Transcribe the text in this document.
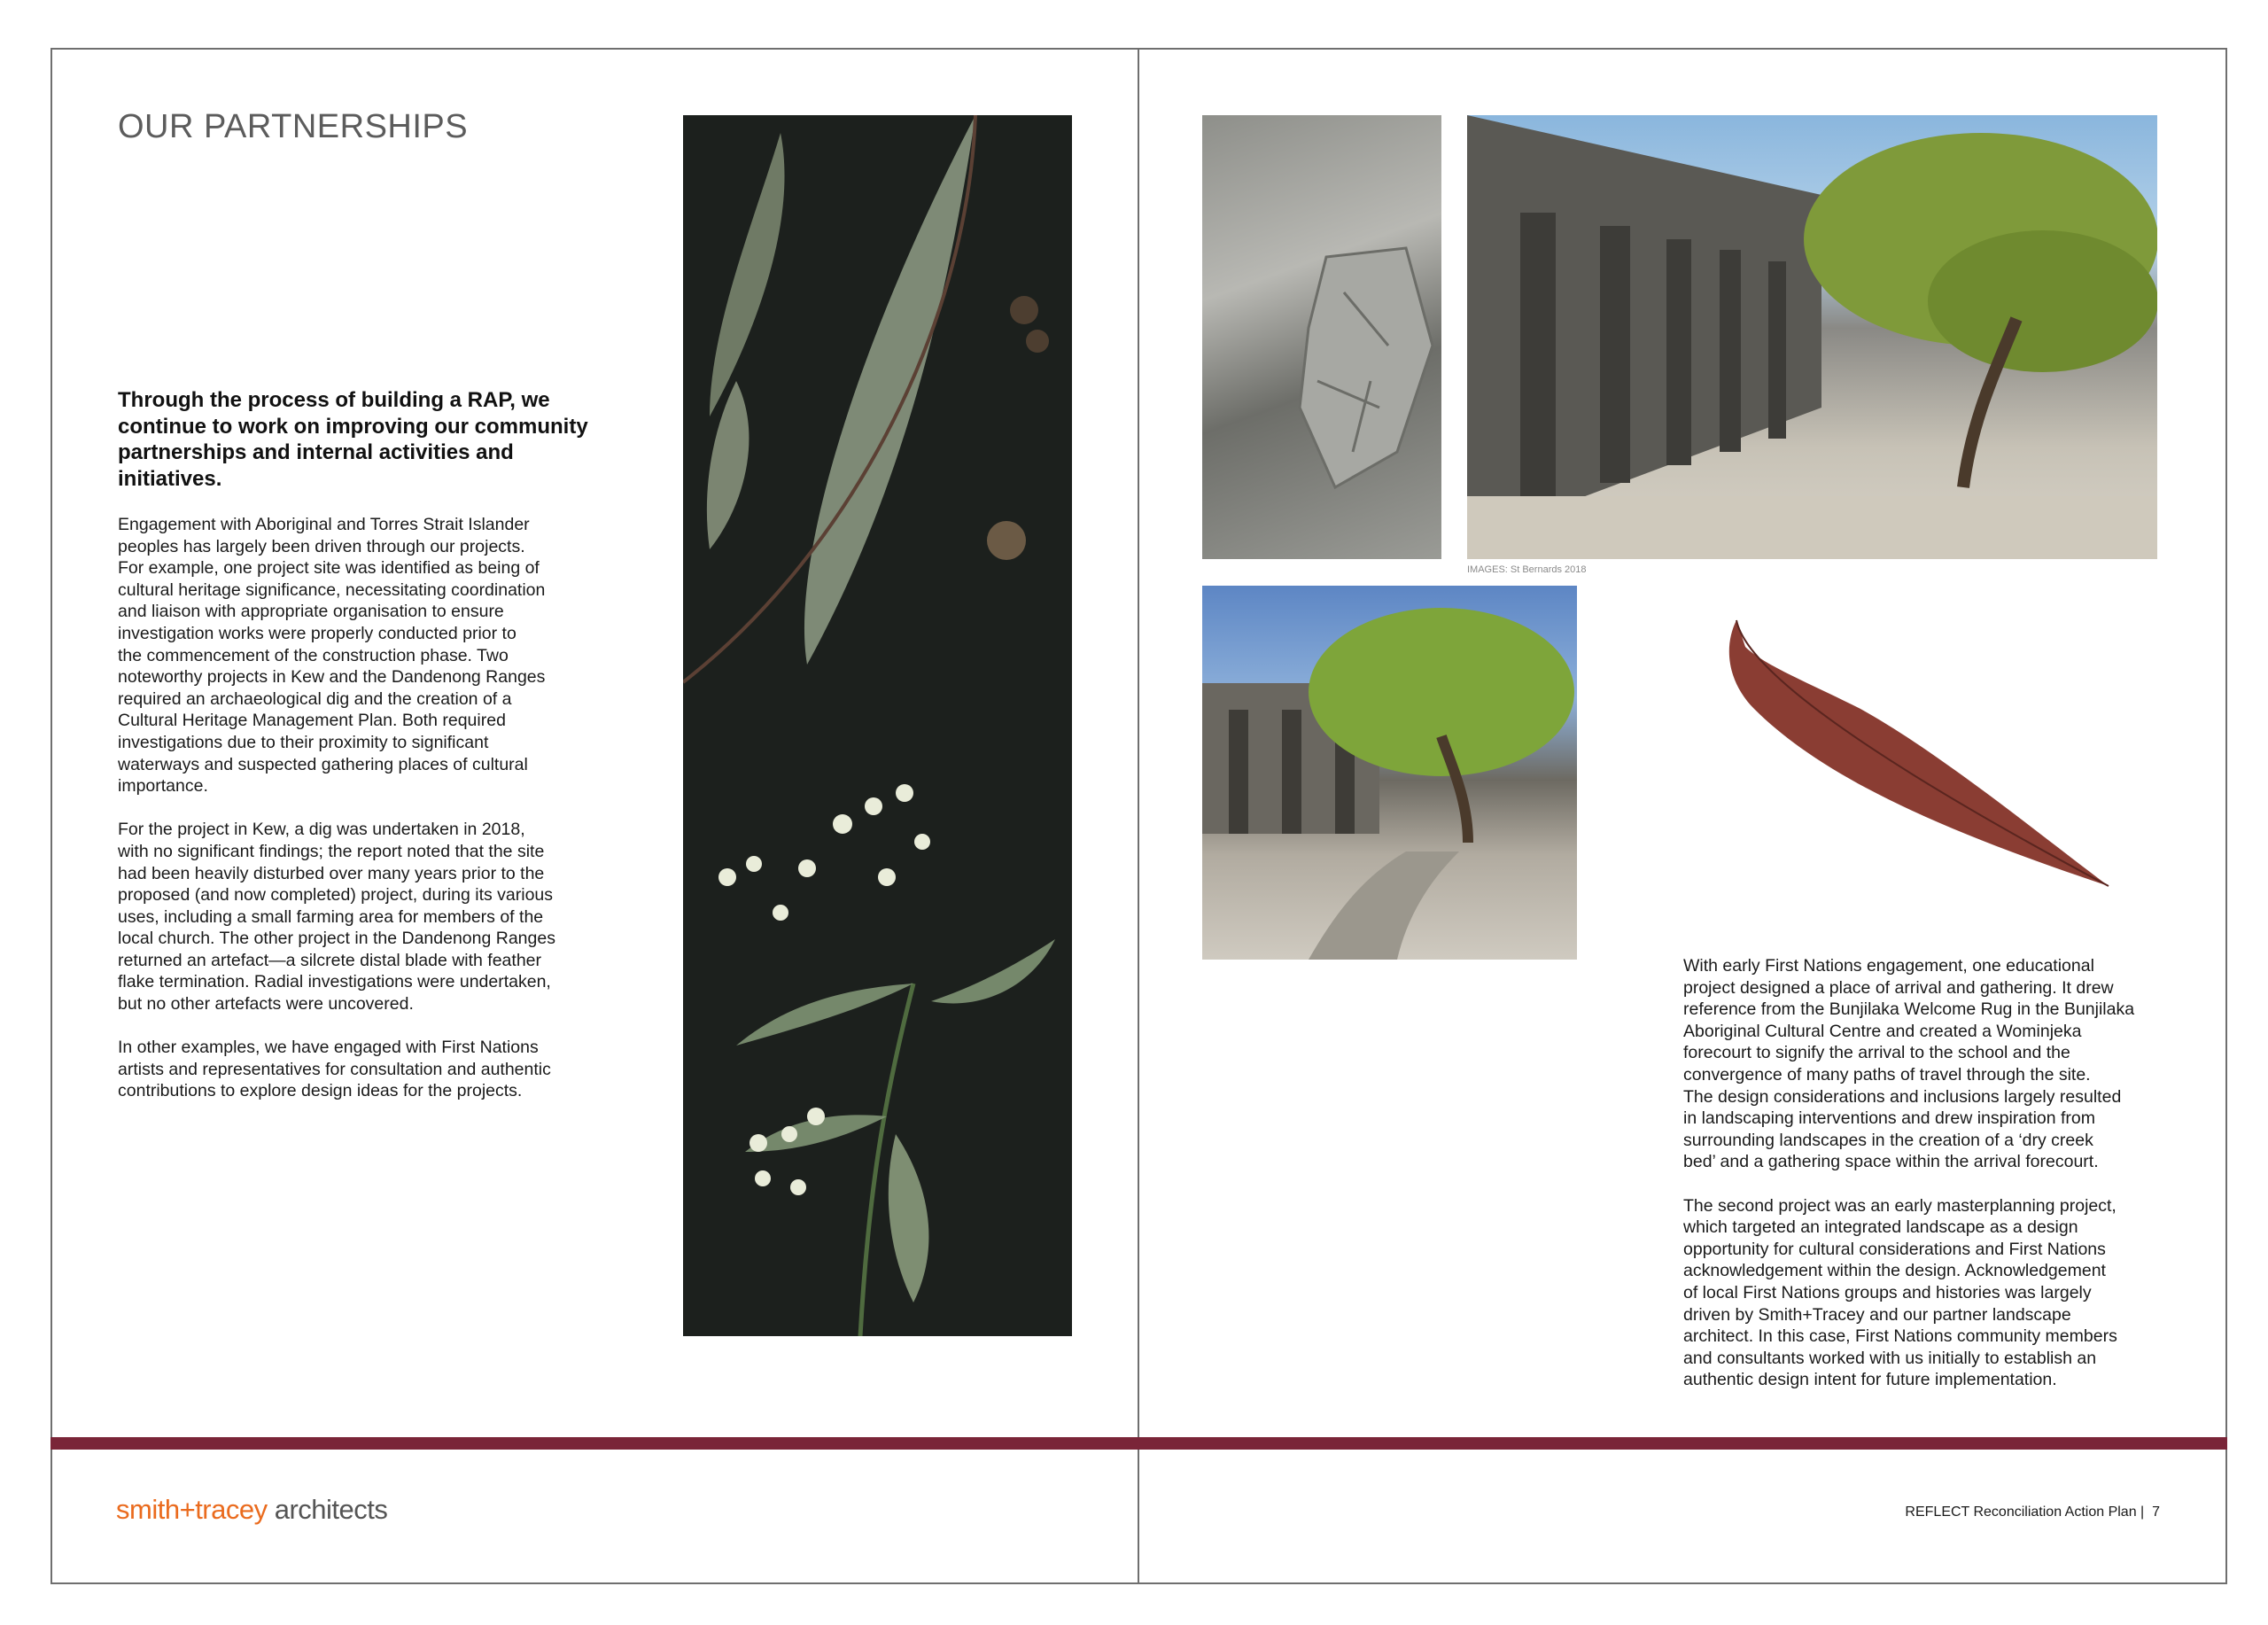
OUR PARTNERSHIPS

Through the process of building a RAP, we continue to work on improving our community partnerships and internal activities and initiatives.

Engagement with Aboriginal and Torres Strait Islander
peoples has largely been driven through our projects.
For example, one project site was identified as being of
cultural heritage significance, necessitating coordination
and liaison with appropriate organisation to ensure
investigation works were properly conducted prior to
the commencement of the construction phase. Two
noteworthy projects in Kew and the Dandenong Ranges
required an archaeological dig and the creation of a
Cultural Heritage Management Plan. Both required
investigations due to their proximity to significant
waterways and suspected gathering places of cultural
importance.

For the project in Kew, a dig was undertaken in 2018,
with no significant findings; the report noted that the site
had been heavily disturbed over many years prior to the
proposed (and now completed) project, during its various
uses, including a small farming area for members of the
local church. The other project in the Dandenong Ranges
returned an artefact—a silcrete distal blade with feather
flake termination. Radial investigations were undertaken,
but no other artefacts were uncovered.

In other examples, we have engaged with First Nations
artists and representatives for consultation and authentic
contributions to explore design ideas for the projects.

IMAGES: St Bernards 2018

With early First Nations engagement, one educational
project designed a place of arrival and gathering. It drew
reference from the Bunjilaka Welcome Rug in the Bunjilaka
Aboriginal Cultural Centre and created a Wominjeka
forecourt to signify the arrival to the school and the
convergence of many paths of travel through the site.
The design considerations and inclusions largely resulted
in landscaping interventions and drew inspiration from
surrounding landscapes in the creation of a ‘dry creek
bed’ and a gathering space within the arrival forecourt.

The second project was an early masterplanning project,
which targeted an integrated landscape as a design
opportunity for cultural considerations and First Nations
acknowledgement within the design. Acknowledgement
of local First Nations groups and histories was largely
driven by Smith+Tracey and our partner landscape
architect. In this case, First Nations community members
and consultants worked with us initially to establish an
authentic design intent for future implementation.

smith+tracey architects	REFLECT Reconciliation Action Plan | 7
